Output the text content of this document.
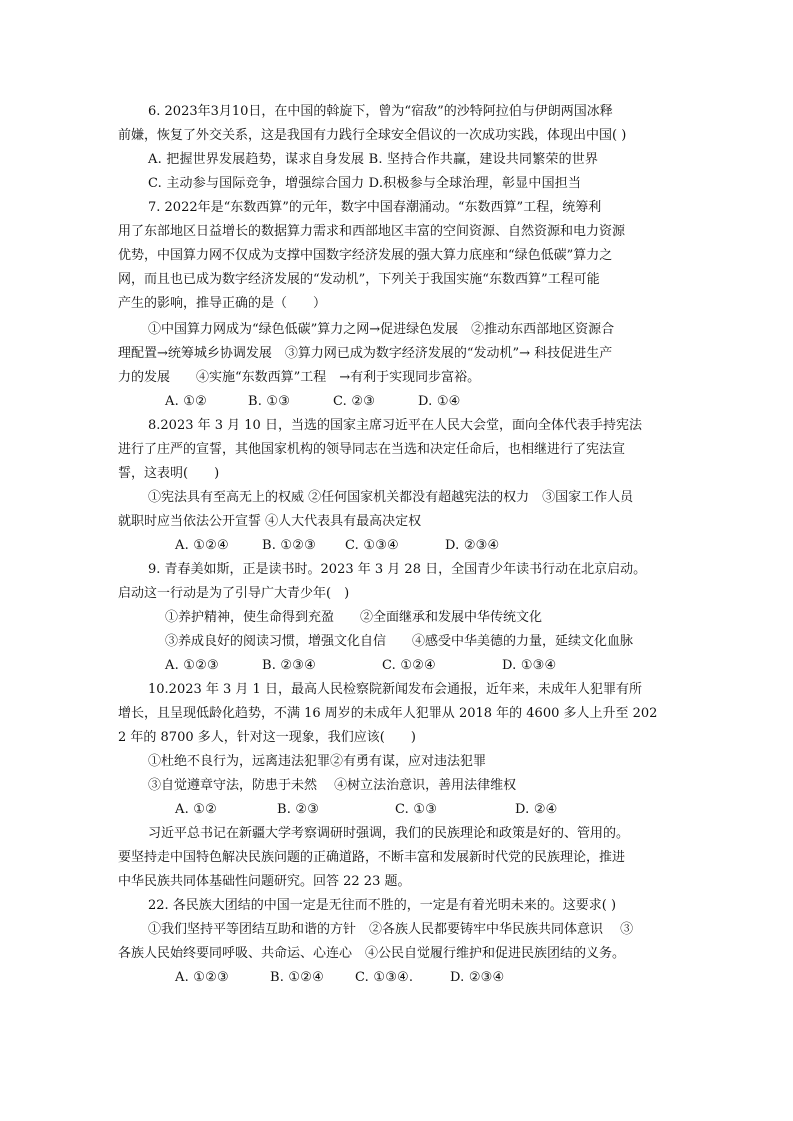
6. 2023年3月10日，在中国的斡旋下，曾为“宿敌”的沙特阿拉伯与伊朗两国冰释
前嫌，恢复了外交关系，这是我国有力践行全球安全倡议的一次成功实践，体现出中国( )
A. 把握世界发展趋势，谋求自身发展 B. 坚持合作共赢，建设共同繁荣的世界
C. 主动参与国际竞争，增强综合国力 D.积极参与全球治理，彰显中国担当
7. 2022年是“东数西算”的元年，数字中国春潮涌动。“东数西算”工程，统筹利
用了东部地区日益增长的数据算力需求和西部地区丰富的空间资源、自然资源和电力资源
优势，中国算力网不仅成为支撑中国数字经济发展的强大算力底座和“绿色低碳”算力之
网，而且也已成为数字经济发展的“发动机”，下列关于我国实施“东数西算”工程可能
产生的影响，推导正确的是（　　）
①中国算力网成为“绿色低碳”算力之网→促进绿色发展　②推动东西部地区资源合
理配置→统筹城乡协调发展　③算力网已成为数字经济发展的“发动机”→ 科技促进生产
力的发展　　④实施“东数西算”工程　→有利于实现同步富裕。
A. ①②	B. ①③	C. ②③	D. ①④
8.2023 年 3 月 10 日，当选的国家主席习近平在人民大会堂，面向全体代表手持宪法
进行了庄严的宣誓，其他国家机构的领导同志在当选和决定任命后，也相继进行了宪法宣
誓，这表明(　　)
①宪法具有至高无上的权威 ②任何国家机关都没有超越宪法的权力　③国家工作人员
就职时应当依法公开宣誓 ④人大代表具有最高决定权
A. ①②④	B. ①②③ C. ①③④	D. ②③④
9. 青春美如斯，正是读书时。2023 年 3 月 28 日，全国青少年读书行动在北京启动。
启动这一行动是为了引导广大青少年(　)
①养护精神，使生命得到充盈　　②全面继承和发展中华传统文化
③养成良好的阅读习惯，增强文化自信　　④感受中华美德的力量，延续文化血脉
A. ①②③	B. ②③④	C. ①②④	D. ①③④
10.2023 年 3 月 1 日，最高人民检察院新闻发布会通报，近年来，未成年人犯罪有所
增长，且呈现低龄化趋势，不满 16 周岁的未成年人犯罪从 2018 年的 4600 多人上升至 202
2 年的 8700 多人，针对这一现象，我们应该(　　)
①杜绝不良行为，远离违法犯罪②有勇有谋，应对违法犯罪
③自觉遵章守法，防患于未然　 ④树立法治意识，善用法律维权
A. ①②	B. ②③	C. ①③	D. ②④
习近平总书记在新疆大学考察调研时强调，我们的民族理论和政策是好的、管用的。
要坚持走中国特色解决民族问题的正确道路，不断丰富和发展新时代党的民族理论，推进
中华民族共同体基础性问题研究。回答 22 23 题。
22. 各民族大团结的中国一定是无往而不胜的，一定是有着光明未来的。这要求( )
①我们坚持平等团结互助和谐的方针　②各族人民都要铸牢中华民族共同体意识　 ③
各族人民始终要同呼吸、共命运、心连心　④公民自觉履行维护和促进民族团结的义务。
A. ①②③	B. ①②④ C. ①③④.	D. ②③④
